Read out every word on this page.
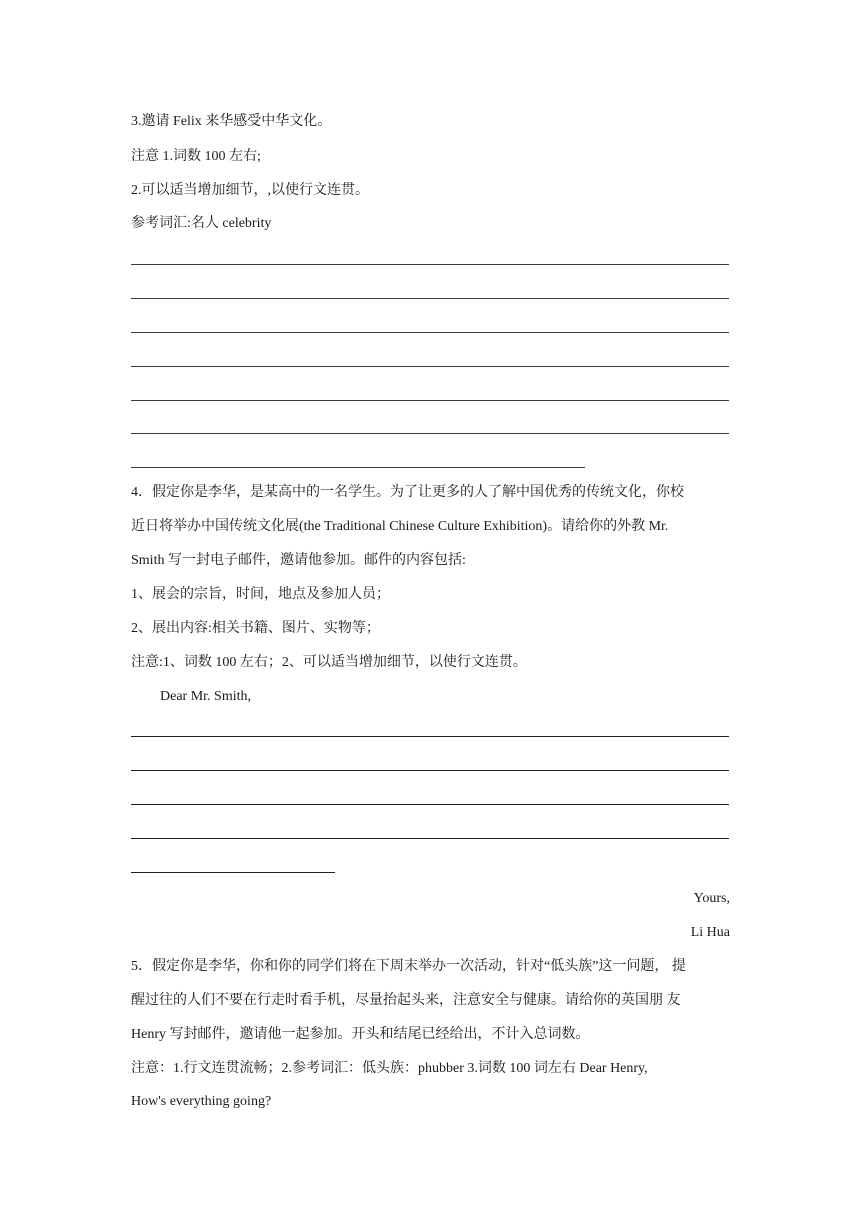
3.邀请 Felix 来华感受中华文化。
注意 1.词数 100 左右;
2.可以适当增加细节，,以使行文连贯。
参考词汇:名人 celebrity
4．假定你是李华，是某高中的一名学生。为了让更多的人了解中国优秀的传统文化，你校
近日将举办中国传统文化展(the Traditional Chinese Culture Exhibition)。请给你的外教 Mr.
Smith 写一封电子邮件，邀请他参加。邮件的内容包括:
1、展会的宗旨，时间，地点及参加人员；
2、展出内容:相关书籍、图片、实物等；
注意:1、词数 100 左右；2、可以适当增加细节，以使行文连贯。
Dear Mr. Smith,
Yours,
Li Hua
5．假定你是李华，你和你的同学们将在下周末举办一次活动，针对“低头族”这一问题， 提
醒过往的人们不要在行走时看手机，尽量抬起头来，注意安全与健康。请给你的英国朋 友
Henry 写封邮件，邀请他一起参加。开头和结尾已经给出，不计入总词数。
注意：1.行文连贯流畅；2.参考词汇：低头族：phubber 3.词数 100 词左右 Dear Henry,
How's everything going?
